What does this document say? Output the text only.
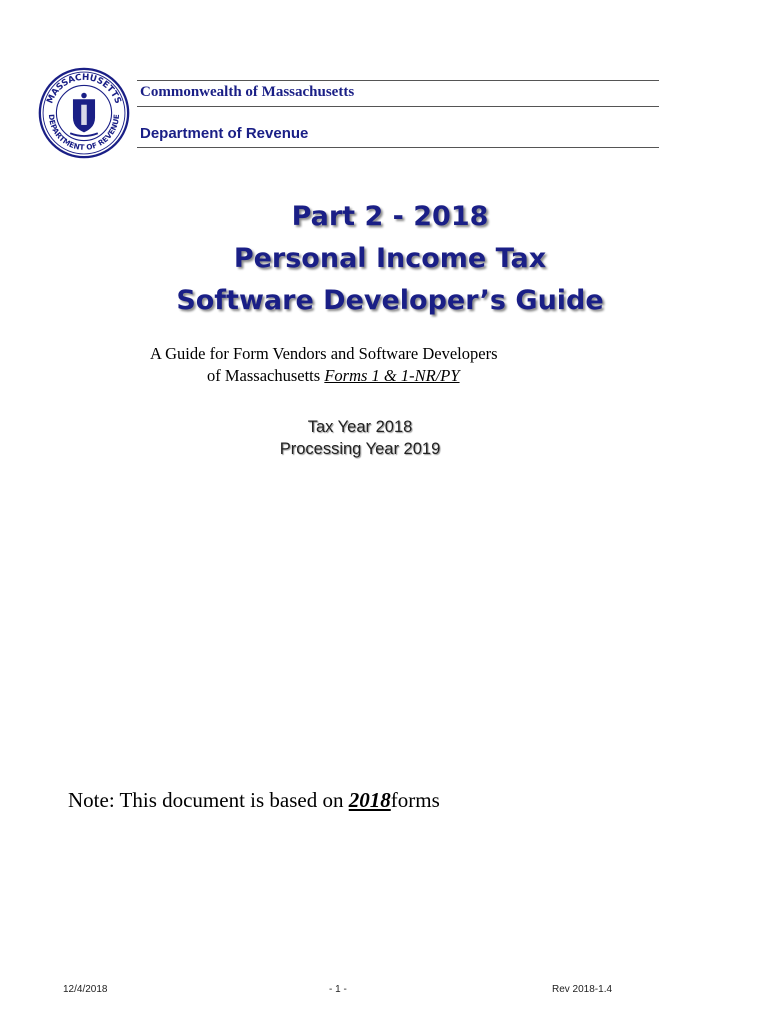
MASSACHUSETTS
DEPARTMENT OF REVENUE
Commonwealth of Massachusetts
Department of Revenue
Part 2 - 2018
Personal Income Tax
Software Developer’s Guide
A Guide for Form Vendors and Software Developers
of Massachusetts Forms 1 & 1-NR/PY
Tax Year 2018
Processing Year 2019
Note: This document is based on 2018forms
12/4/2018	- 1 -	Rev 2018-1.4
